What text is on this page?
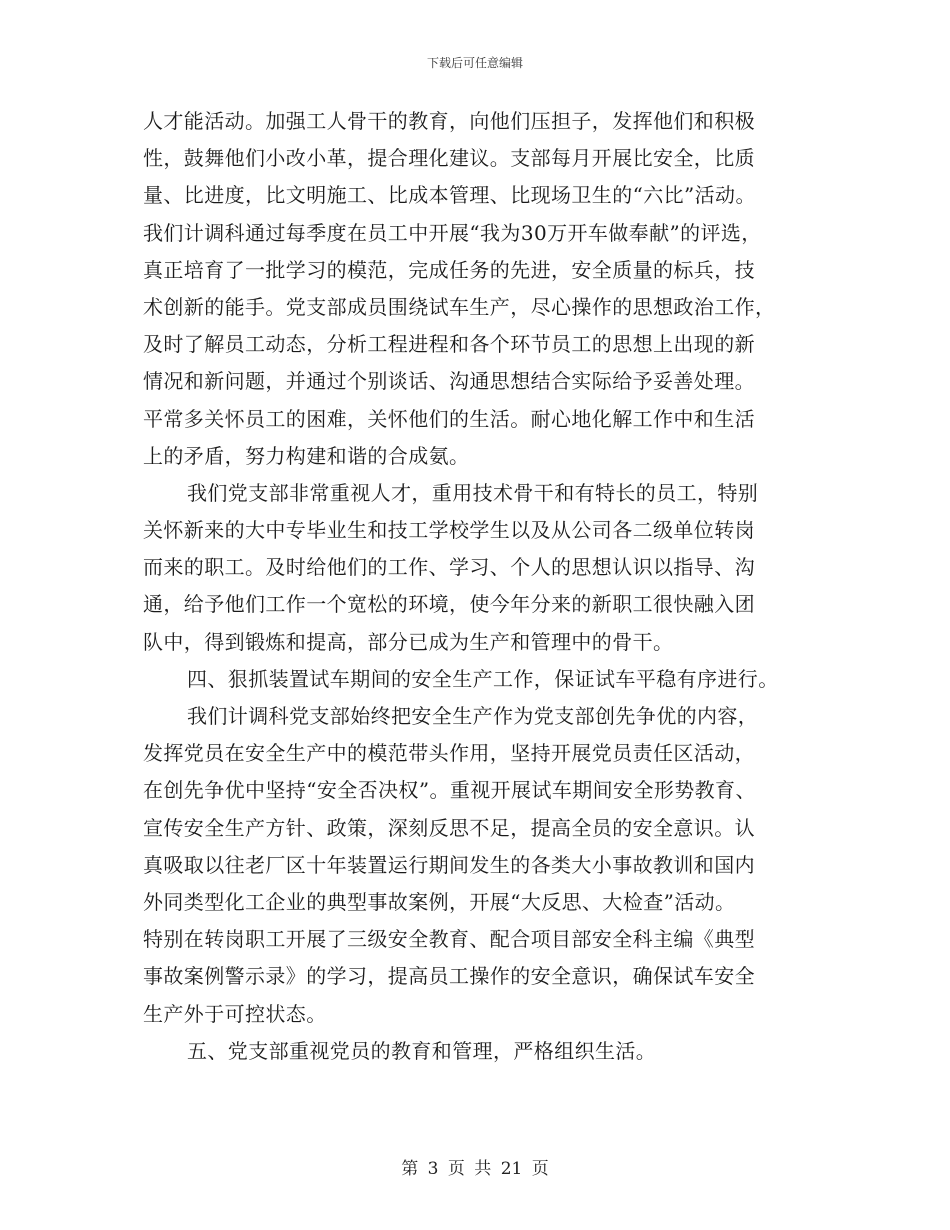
下载后可任意编辑
人才能活动。加强工人骨干的教育，向他们压担子，发挥他们和积极
性，鼓舞他们小改小革，提合理化建议。支部每月开展比安全，比质
量、比进度，比文明施工、比成本管理、比现场卫生的“六比”活动。
我们计调科通过每季度在员工中开展“我为30万开车做奉献”的评选，
真正培育了一批学习的模范，完成任务的先进，安全质量的标兵，技
术创新的能手。党支部成员围绕试车生产，尽心操作的思想政治工作，
及时了解员工动态，分析工程进程和各个环节员工的思想上出现的新
情况和新问题，并通过个别谈话、沟通思想结合实际给予妥善处理。
平常多关怀员工的困难，关怀他们的生活。耐心地化解工作中和生活
上的矛盾，努力构建和谐的合成氨。
我们党支部非常重视人才，重用技术骨干和有特长的员工，特别
关怀新来的大中专毕业生和技工学校学生以及从公司各二级单位转岗
而来的职工。及时给他们的工作、学习、个人的思想认识以指导、沟
通，给予他们工作一个宽松的环境，使今年分来的新职工很快融入团
队中，得到锻炼和提高，部分已成为生产和管理中的骨干。
四、狠抓装置试车期间的安全生产工作，保证试车平稳有序进行。
我们计调科党支部始终把安全生产作为党支部创先争优的内容，
发挥党员在安全生产中的模范带头作用，坚持开展党员责任区活动，
在创先争优中坚持“安全否决权”。重视开展试车期间安全形势教育、
宣传安全生产方针、政策，深刻反思不足，提高全员的安全意识。认
真吸取以往老厂区十年装置运行期间发生的各类大小事故教训和国内
外同类型化工企业的典型事故案例，开展“大反思、大检查”活动。
特别在转岗职工开展了三级安全教育、配合项目部安全科主编《典型
事故案例警示录》的学习，提高员工操作的安全意识，确保试车安全
生产外于可控状态。
五、党支部重视党员的教育和管理，严格组织生活。
第 3 页 共 21 页
